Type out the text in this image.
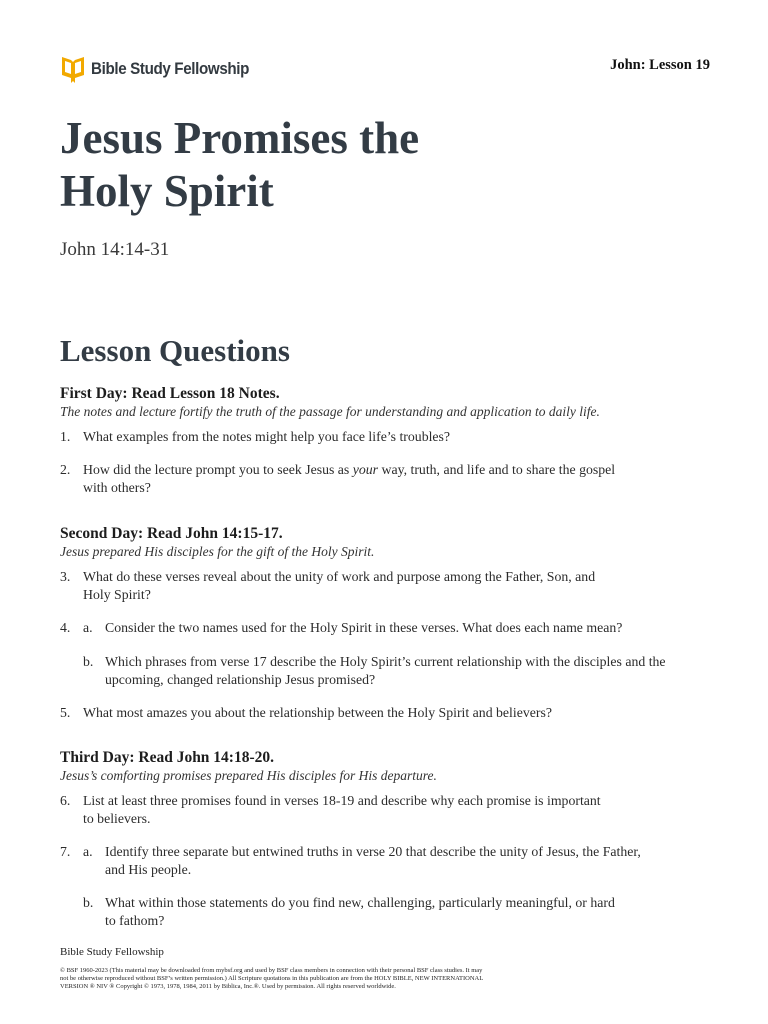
Bible Study Fellowship	John: Lesson 19
Jesus Promises the
Holy Spirit
John 14:14-31
Lesson Questions
First Day: Read Lesson 18 Notes.
The notes and lecture fortify the truth of the passage for understanding and application to daily life.
1. What examples from the notes might help you face life’s troubles?
2. How did the lecture prompt you to seek Jesus as your way, truth, and life and to share the gospel
with others?
Second Day: Read John 14:15-17.
Jesus prepared His disciples for the gift of the Holy Spirit.
3. What do these verses reveal about the unity of work and purpose among the Father, Son, and
Holy Spirit?
4. a. Consider the two names used for the Holy Spirit in these verses. What does each name mean?
b. Which phrases from verse 17 describe the Holy Spirit’s current relationship with the disciples and the
upcoming, changed relationship Jesus promised?
5. What most amazes you about the relationship between the Holy Spirit and believers?
Third Day: Read John 14:18-20.
Jesus’s comforting promises prepared His disciples for His departure.
6. List at least three promises found in verses 18-19 and describe why each promise is important
to believers.
7. a. Identify three separate but entwined truths in verse 20 that describe the unity of Jesus, the Father,
and His people.
b. What within those statements do you find new, challenging, particularly meaningful, or hard
to fathom?
Bible Study Fellowship
© BSF 1960-2023 (This material may be downloaded from mybsf.org and used by BSF class members in connection with their personal BSF class studies. It may
not be otherwise reproduced without BSF’s written permission.) All Scripture quotations in this publication are from the HOLY BIBLE, NEW INTERNATIONAL
VERSION ® NIV ® Copyright © 1973, 1978, 1984, 2011 by Biblica, Inc.®. Used by permission. All rights reserved worldwide.
